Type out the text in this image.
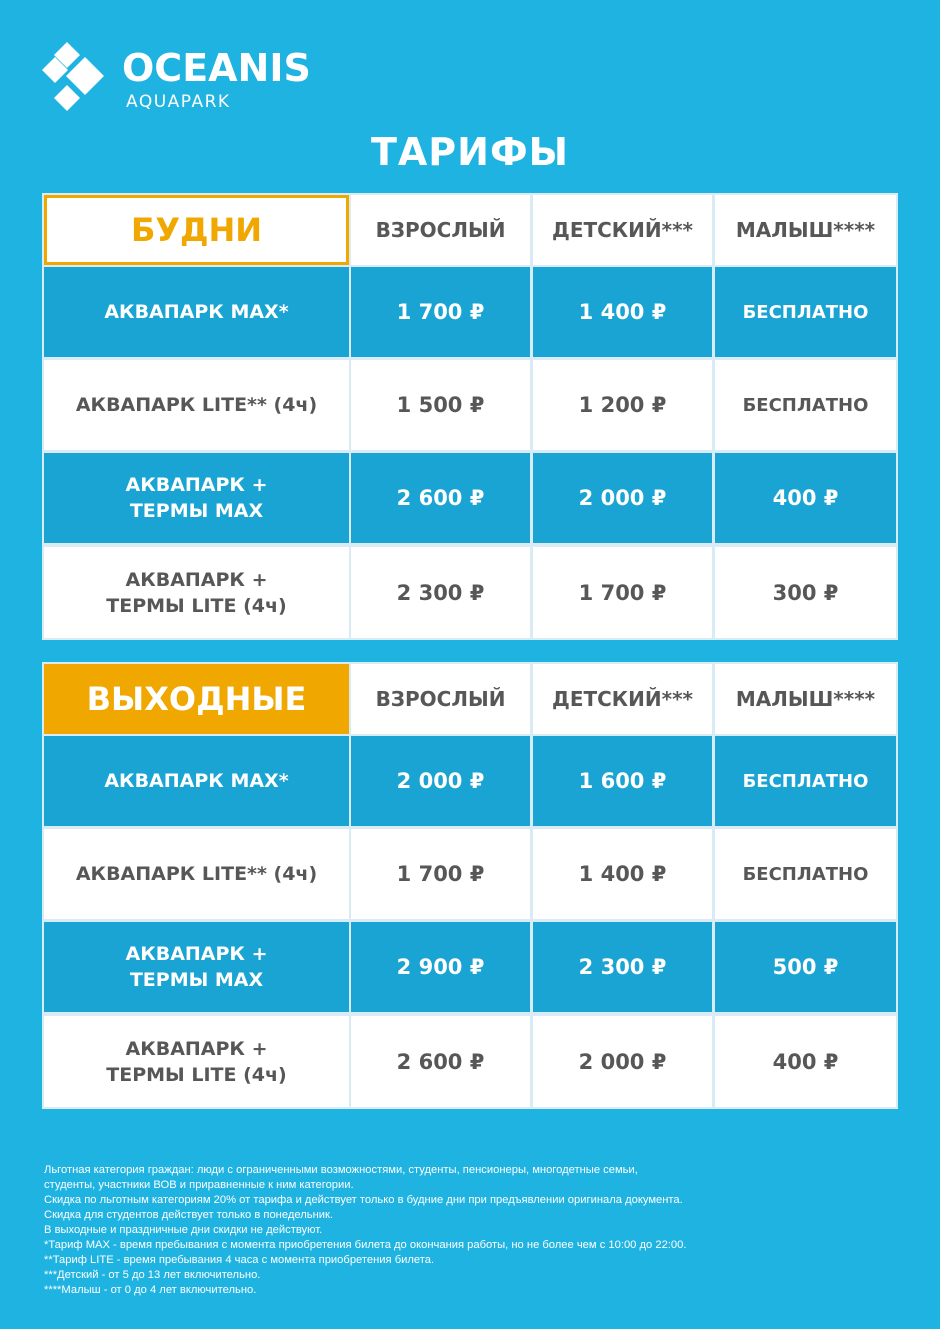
OCEANIS
AQUAPARK
ТАРИФЫ
БУДНИ	ВЗРОСЛЫЙ	ДЕТСКИЙ***	МАЛЫШ****
АКВАПАРК MAX*	1 700 ₽	1 400 ₽	БЕСПЛАТНО
АКВАПАРК LITE** (4ч)	1 500 ₽	1 200 ₽	БЕСПЛАТНО
АКВАПАРК +
ТЕРМЫ MAX
2 600 ₽	2 000 ₽	400 ₽
АКВАПАРК +
ТЕРМЫ LITE (4ч)
2 300 ₽	1 700 ₽	300 ₽
ВЫХОДНЫЕ	ВЗРОСЛЫЙ	ДЕТСКИЙ***	МАЛЫШ****
АКВАПАРК MAX*	2 000 ₽	1 600 ₽	БЕСПЛАТНО
АКВАПАРК LITE** (4ч)	1 700 ₽	1 400 ₽	БЕСПЛАТНО
АКВАПАРК +
ТЕРМЫ MAX
2 900 ₽	2 300 ₽	500 ₽
АКВАПАРК +
ТЕРМЫ LITE (4ч)
2 600 ₽	2 000 ₽	400 ₽
Льготная категория граждан: люди с ограниченными возможностями, студенты, пенсионеры, многодетные семьи,
студенты, участники ВОВ и приравненные к ним категории.
Скидка по льготным категориям 20% от тарифа и действует только в будние дни при предъявлении оригинала документа.
Скидка для студентов действует только в понедельник.
В выходные и праздничные дни скидки не действуют.
*Тариф MAX - время пребывания с момента приобретения билета до окончания работы, но не более чем с 10:00 до 22:00.
**Тариф LITE - время пребывания 4 часа с момента приобретения билета.
***Детский - от 5 до 13 лет включительно.
****Малыш - от 0 до 4 лет включительно.
